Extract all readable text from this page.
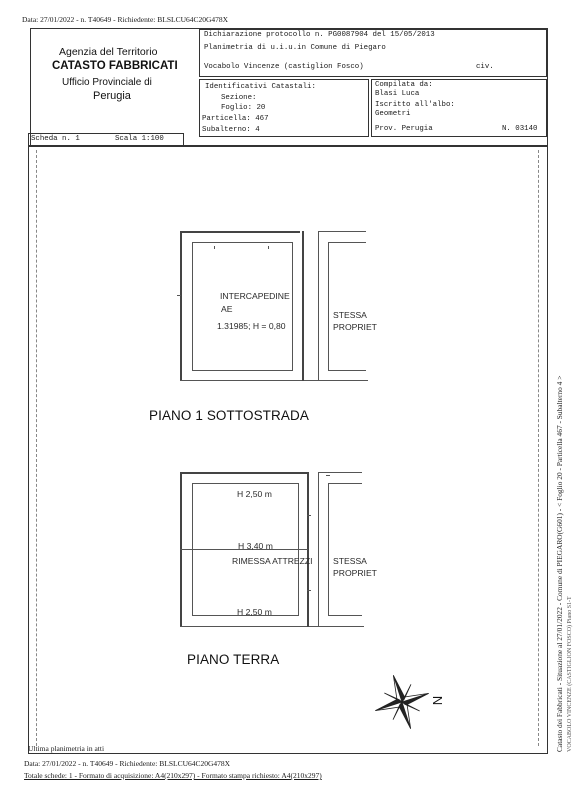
Data: 27/01/2022 - n. T40649 - Richiedente: BLSLCU64C20G478X
Agenzia del Territorio
CATASTO FABBRICATI
Ufficio Provinciale di
Perugia
Dichiarazione protocollo n. PG0087904 del 15/05/2013
Planimetria di u.i.u.in Comune di Piegaro
Vocabolo Vincenze (castiglion Fosco)	civ.
Identificativi Catastali:
Sezione:
Foglio: 20
Particella: 467
Subalterno: 4
Compilata da:
Blasi Luca
Iscritto all'albo:
Geometri
Prov. Perugia	N. 03140
Scheda n. 1	Scala 1:100
INTERCAPEDINE
AE
1.31985; H = 0,80
STESSA
PROPRIET
PIANO 1 SOTTOSTRADA
H 2,50 m
H 3,40 m
RIMESSA ATTREZZI
H 2,50 m
STESSA
PROPRIET
PIANO TERRA
N	Catasto dei Fabbricati - Situazione al 27/01/2022 - Comune di PIEGARO(G601) - < Foglio 20 - Particella 467 - Subalterno 4 > VOCABOLO VINCENZE (CASTIGLION FOSCO) Piano S1-T
Ultima planimetria in atti
Data: 27/01/2022 - n. T40649 - Richiedente: BLSLCU64C20G478X
Totale schede: 1 - Formato di acquisizione: A4(210x297) - Formato stampa richiesto: A4(210x297)
